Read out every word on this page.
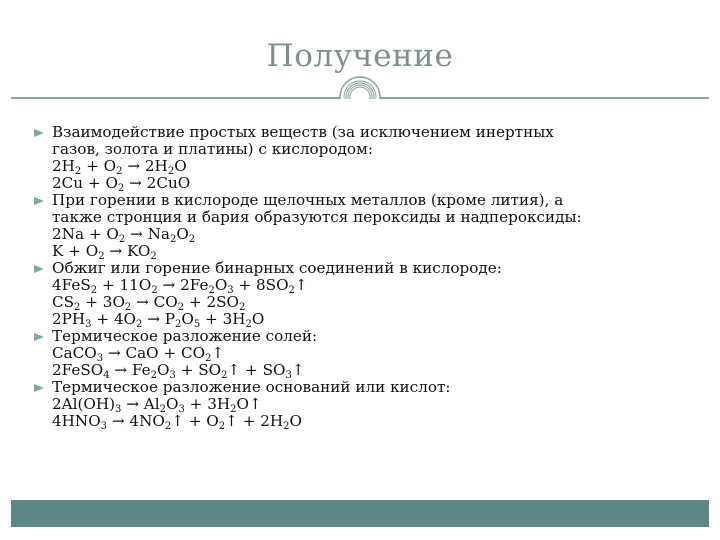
Получение
Взаимодействие простых веществ (за исключением инертных
газов, золота и платины) с кислородом:
$2H_2 + O_2 \to 2H_2O$
$2Cu + O_2 \to 2CuO$
При горении в кислороде щелочных металлов (кроме лития), а
также стронция и бария образуются пероксиды и надпероксиды:
$2Na + O_2 \to Na_2O_2$
$K + O_2 \to KO_2$
Обжиг или горение бинарных соединений в кислороде:
$4FeS_2 + 11O_2 \to 2Fe_2O_3$ + $8SO_2↑$
$CS_2 + 3O_2 \to CO_2 + 2SO_2$
$2PH_3 + 4O_2 \to P_2O_5 + 3H_2O$
Термическое разложение солей:
CaCO$_3$ → CaO + $CO_2↑$
2FeSO$_4$ → $Fe_2O_3$ + $SO_2↑$ + $SO_3↑$
Термическое разложение оснований или кислот:
$2Al(OH)_3 \to Al_2O_3$ + $3H_2O↑$
$4HNO_3$ → $4NO_2↑$ + $O_2↑ + 2H_2O$
